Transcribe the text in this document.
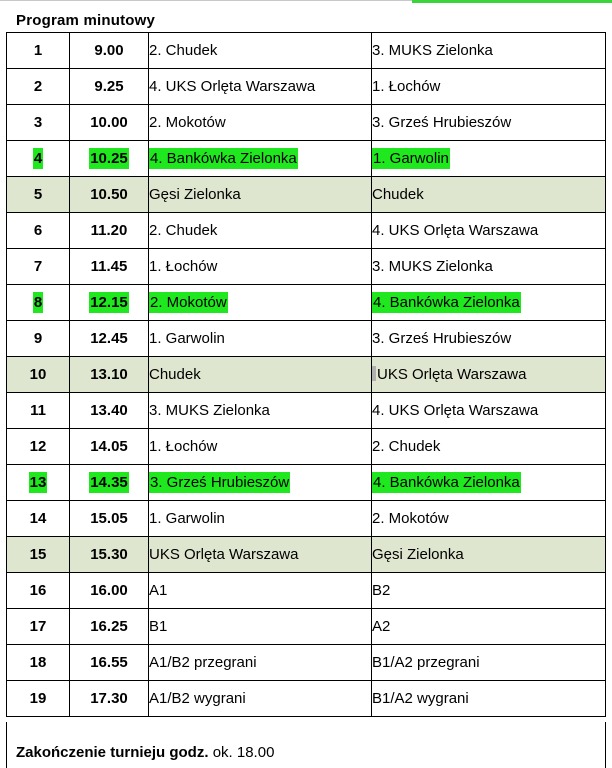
Program minutowy
1	9.00	2. Chudek	3. MUKS Zielonka
2	9.25	4. UKS Orlęta Warszawa	1. Łochów
3	10.00	2. Mokotów	3. Grześ Hrubieszów
4	10.25	4. Bankówka Zielonka	1. Garwolin
5	10.50	Gęsi Zielonka	Chudek
6	11.20	2. Chudek	4. UKS Orlęta Warszawa
7	11.45	1. Łochów	3. MUKS Zielonka
8	12.15	2. Mokotów	4. Bankówka Zielonka
9	12.45	1. Garwolin	3. Grześ Hrubieszów
10	13.10	Chudek	UKS Orlęta Warszawa
11	13.40	3. MUKS Zielonka	4. UKS Orlęta Warszawa
12	14.05	1. Łochów	2. Chudek
13	14.35	3. Grześ Hrubieszów	4. Bankówka Zielonka
14	15.05	1. Garwolin	2. Mokotów
15	15.30	UKS Orlęta Warszawa	Gęsi Zielonka
16	16.00	A1	B2
17	16.25	B1	A2
18	16.55	A1/B2 przegrani	B1/A2 przegrani
19	17.30	A1/B2 wygrani	B1/A2 wygrani
Zakończenie turnieju godz. ok. 18.00
